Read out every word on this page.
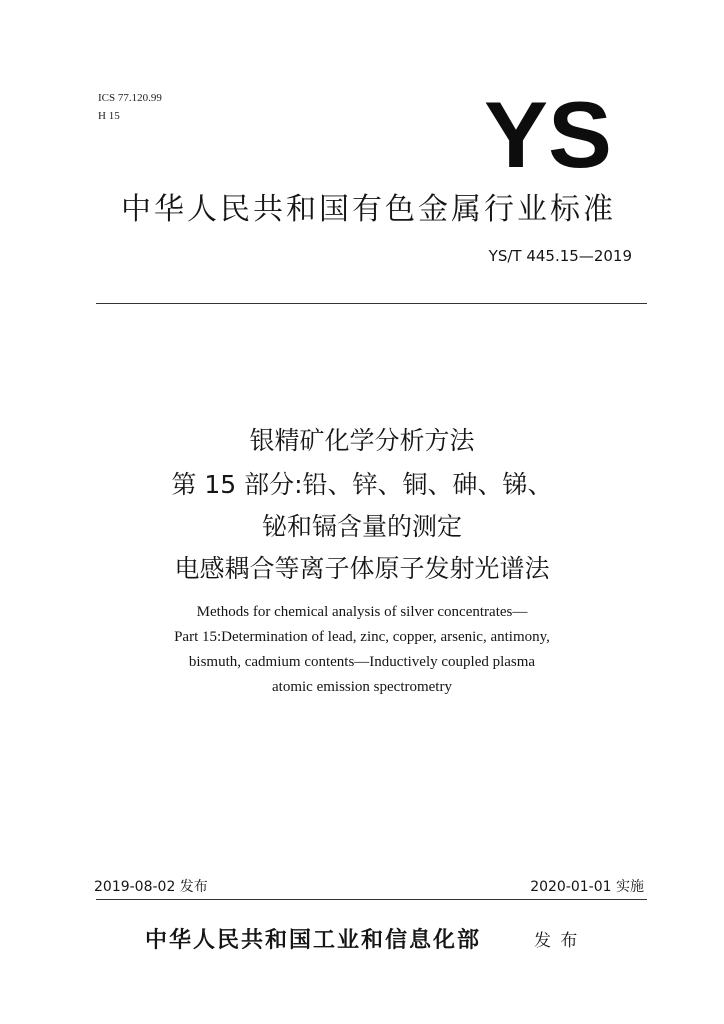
ICS 77.120.99
H 15	YS
中华人民共和国有色金属行业标准
YS/T 445.15—2019
银精矿化学分析方法
第 15 部分:铅、锌、铜、砷、锑、
铋和镉含量的测定
电感耦合等离子体原子发射光谱法
Methods for chemical analysis of silver concentrates—
Part 15:Determination of lead, zinc, copper, arsenic, antimony,
bismuth, cadmium contents—Inductively coupled plasma
atomic emission spectrometry
2019-08-02 发布	2020-01-01 实施
中华人民共和国工业和信息化部	发 布
